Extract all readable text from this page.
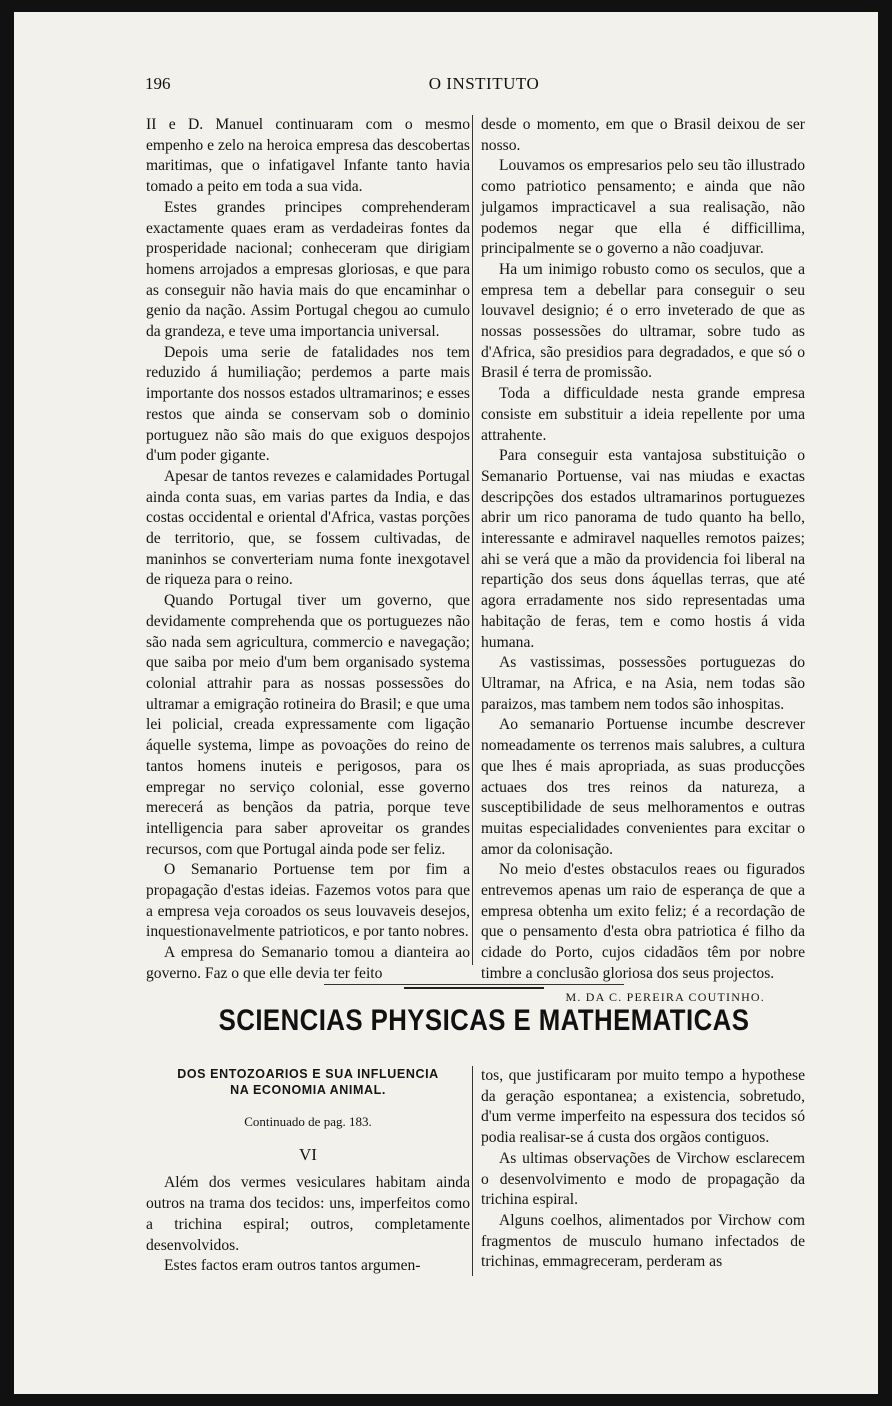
196	O INSTITUTO

II e D. Manuel continuaram com o mesmo empenho e zelo na heroica empresa das descobertas maritimas, que o infatigavel Infante tanto havia tomado a peito em toda a sua vida.

Estes grandes principes comprehenderam exactamente quaes eram as verdadeiras fontes da prosperidade nacional; conheceram que dirigiam homens arrojados a empresas gloriosas, e que para as conseguir não havia mais do que encaminhar o genio da nação. Assim Portugal chegou ao cumulo da grandeza, e teve uma importancia universal.

Depois uma serie de fatalidades nos tem reduzido á humiliação; perdemos a parte mais importante dos nossos estados ultramarinos; e esses restos que ainda se conservam sob o dominio portuguez não são mais do que exiguos despojos d'um poder gigante.

Apesar de tantos revezes e calamidades Portugal ainda conta suas, em varias partes da India, e das costas occidental e oriental d'Africa, vastas porções de territorio, que, se fossem cultivadas, de maninhos se converteriam numa fonte inexgotavel de riqueza para o reino.

Quando Portugal tiver um governo, que devidamente comprehenda que os portuguezes não são nada sem agricultura, commercio e navegação; que saiba por meio d'um bem organisado systema colonial attrahir para as nossas possessões do ultramar a emigração rotineira do Brasil; e que uma lei policial, creada expressamente com ligação áquelle systema, limpe as povoações do reino de tantos homens inuteis e perigosos, para os empregar no serviço colonial, esse governo merecerá as bençãos da patria, porque teve intelligencia para saber aproveitar os grandes recursos, com que Portugal ainda pode ser feliz.

O Semanario Portuense tem por fim a propagação d'estas ideias. Fazemos votos para que a empresa veja coroados os seus louvaveis desejos, inquestionavelmente patrioticos, e por tanto nobres.

A empresa do Semanario tomou a dianteira ao governo. Faz o que elle devia ter feito

desde o momento, em que o Brasil deixou de ser nosso.

Louvamos os empresarios pelo seu tão illustrado como patriotico pensamento; e ainda que não julgamos impracticavel a sua realisação, não podemos negar que ella é difficillima, principalmente se o governo a não coadjuvar.

Ha um inimigo robusto como os seculos, que a empresa tem a debellar para conseguir o seu louvavel designio; é o erro inveterado de que as nossas possessões do ultramar, sobre tudo as d'Africa, são presidios para degradados, e que só o Brasil é terra de promissão.

Toda a difficuldade nesta grande empresa consiste em substituir a ideia repellente por uma attrahente.

Para conseguir esta vantajosa substituição o Semanario Portuense, vai nas miudas e exactas descripções dos estados ultramarinos portuguezes abrir um rico panorama de tudo quanto ha bello, interessante e admiravel naquelles remotos paizes; ahi se verá que a mão da providencia foi liberal na repartição dos seus dons áquellas terras, que até agora erradamente nos sido representadas uma habitação de feras, tem e como hostis á vida humana.

As vastissimas, possessões portuguezas do Ultramar, na Africa, e na Asia, nem todas são paraizos, mas tambem nem todos são inhospitas.

Ao semanario Portuense incumbe descrever nomeadamente os terrenos mais salubres, a cultura que lhes é mais apropriada, as suas producções actuaes dos tres reinos da natureza, a susceptibilidade de seus melhoramentos e outras muitas especialidades convenientes para excitar o amor da colonisação.

No meio d'estes obstaculos reaes ou figurados entrevemos apenas um raio de esperança de que a empresa obtenha um exito feliz; é a recordação de que o pensamento d'esta obra patriotica é filho da cidade do Porto, cujos cidadãos têm por nobre timbre a conclusão gloriosa dos seus projectos.

M. DA C. PEREIRA COUTINHO.
SCIENCIAS PHYSICAS E MATHEMATICAS
DOS ENTOZOARIOS E SUA INFLUENCIA
NA ECONOMIA ANIMAL.
Continuado de pag. 183.
VI

Além dos vermes vesiculares habitam ainda outros na trama dos tecidos: uns, imperfeitos como a trichina espiral; outros, completamente desenvolvidos.

Estes factos eram outros tantos argumen-

tos, que justificaram por muito tempo a hypothese da geração espontanea; a existencia, sobretudo, d'um verme imperfeito na espessura dos tecidos só podia realisar-se á custa dos orgãos contiguos.

As ultimas observações de Virchow esclarecem o desenvolvimento e modo de propagação da trichina espiral.

Alguns coelhos, alimentados por Virchow com fragmentos de musculo humano infectados de trichinas, emmagreceram, perderam as
